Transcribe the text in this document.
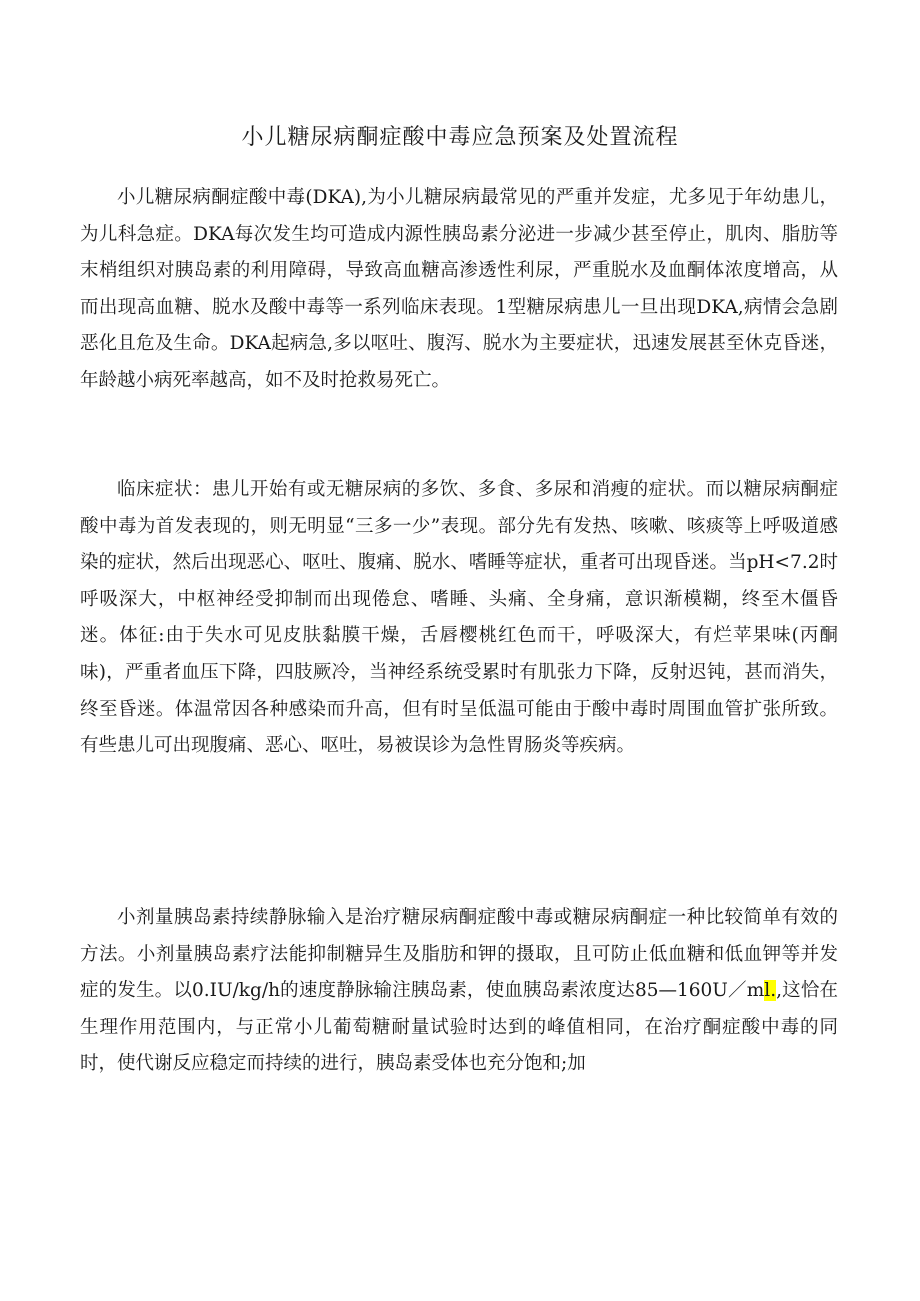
小儿糖尿病酮症酸中毒应急预案及处置流程

小儿糖尿病酮症酸中毒(DKA),为小儿糖尿病最常见的严重并发症，尤多见于年幼患儿，为儿科急症。DKA每次发生均可造成内源性胰岛素分泌进一步减少甚至停止，肌肉、脂肪等末梢组织对胰岛素的利用障碍，导致高血糖高渗透性利尿，严重脱水及血酮体浓度增高，从而出现高血糖、脱水及酸中毒等一系列临床表现。1型糖尿病患儿一旦出现DKA,病情会急剧恶化且危及生命。DKA起病急,多以呕吐、腹泻、脱水为主要症状，迅速发展甚至休克昏迷，年龄越小病死率越高，如不及时抢救易死亡。

临床症状：患儿开始有或无糖尿病的多饮、多食、多尿和消瘦的症状。而以糖尿病酮症酸中毒为首发表现的，则无明显“三多一少”表现。部分先有发热、咳嗽、咳痰等上呼吸道感染的症状，然后出现恶心、呕吐、腹痛、脱水、嗜睡等症状，重者可出现昏迷。当pH<7.2时呼吸深大，中枢神经受抑制而出现倦怠、嗜睡、头痛、全身痛，意识渐模糊，终至木僵昏迷。体征:由于失水可见皮肤黏膜干燥，舌唇樱桃红色而干，呼吸深大，有烂苹果味(丙酮味)，严重者血压下降，四肢厥冷，当神经系统受累时有肌张力下降，反射迟钝，甚而消失，终至昏迷。体温常因各种感染而升高，但有时呈低温可能由于酸中毒时周围血管扩张所致。有些患儿可出现腹痛、恶心、呕吐，易被误诊为急性胃肠炎等疾病。

小剂量胰岛素持续静脉输入是治疗糖尿病酮症酸中毒或糖尿病酮症一种比较简单有效的方法。小剂量胰岛素疗法能抑制糖异生及脂肪和钾的摄取，且可防止低血糖和低血钾等并发症的发生。以0.IU/kg/h的速度静脉输注胰岛素，使血胰岛素浓度达85—160U／ml.,这恰在生理作用范围内，与正常小儿葡萄糖耐量试验时达到的峰值相同，在治疗酮症酸中毒的同时，使代谢反应稳定而持续的进行，胰岛素受体也充分饱和;加
